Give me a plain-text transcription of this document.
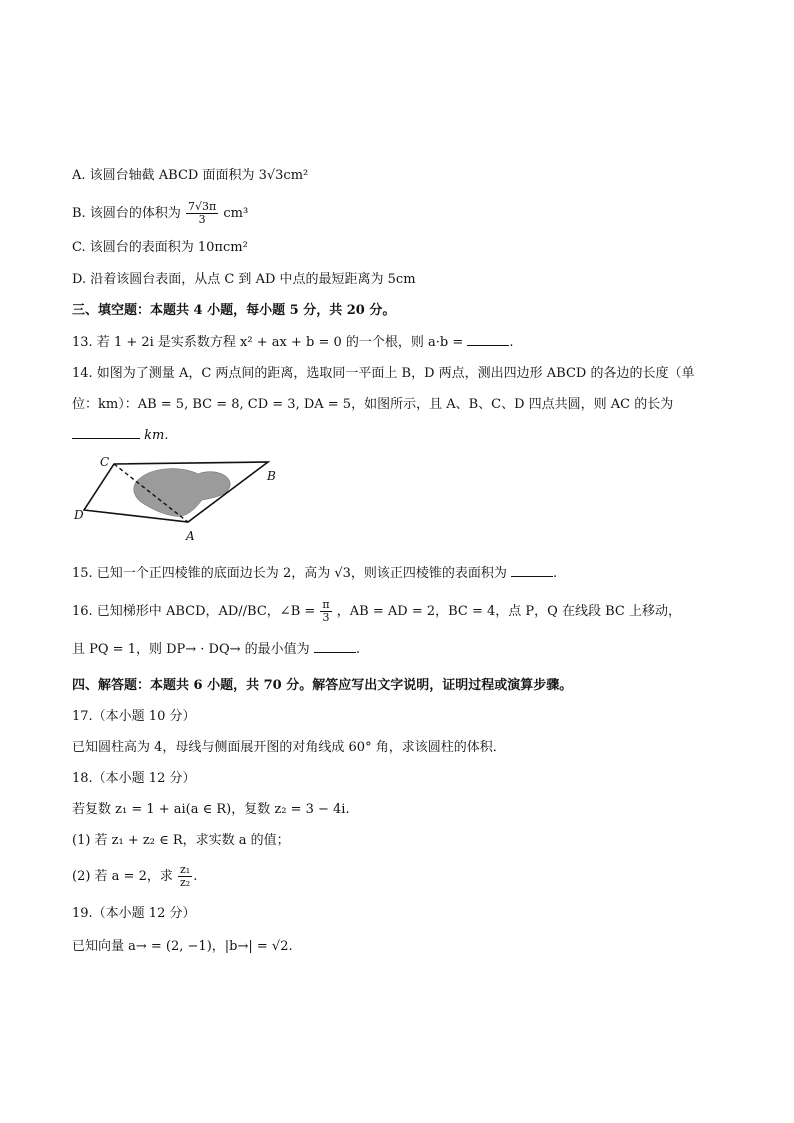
A. 该圆台轴截 ABCD 面面积为 3√3cm²
B. 该圆台的体积为 $\frac{7√3\pi}{3} cm^3$
C. 该圆台的表面积为 10πcm²
D. 沿着该圆台表面，从点 C 到 AD 中点的最短距离为 5cm
三、填空题：本题共 4 小题，每小题 5 分，共 20 分。
13. 若 1 + 2i 是实系数方程 x² + ax + b = 0 的一个根，则 a·b =	.
14. 如图为了测量 A，C 两点间的距离，选取同一平面上 B，D 两点，测出四边形 ABCD 的各边的长度（单
位：km）：AB = 5, BC = 8, CD = 3, DA = 5，如图所示，且 A、B、C、D 四点共圆，则 AC 的长为
km.
C
B
D
A
15. 已知一个正四棱锥的底面边长为 2，高为 √3，则该正四棱锥的表面积为	.
16. 已知梯形中 ABCD，AD//BC，∠B = $\frac{\pi}{3}$ ，AB = AD = 2，BC = 4，点 P，Q 在线段 BC 上移动，
且 PQ = 1，则 DP→ · DQ→ 的最小值为	.
四、解答题：本题共 6 小题，共 70 分。解答应写出文字说明，证明过程或演算步骤。
17.（本小题 10 分）
已知圆柱高为 4，母线与侧面展开图的对角线成 60° 角，求该圆柱的体积．
18.（本小题 12 分）
若复数 z₁ = 1 + ai(a ∈ R)，复数 z₂ = 3 − 4i.
(1) 若 z₁ + z₂ ∈ R，求实数 a 的值；
(2) 若 a = 2，求 $\frac{\text{z₁}}{\text{z₂}}$ .
19.（本小题 12 分）
已知向量 a→ = (2, −1)，|b→| = √2.
